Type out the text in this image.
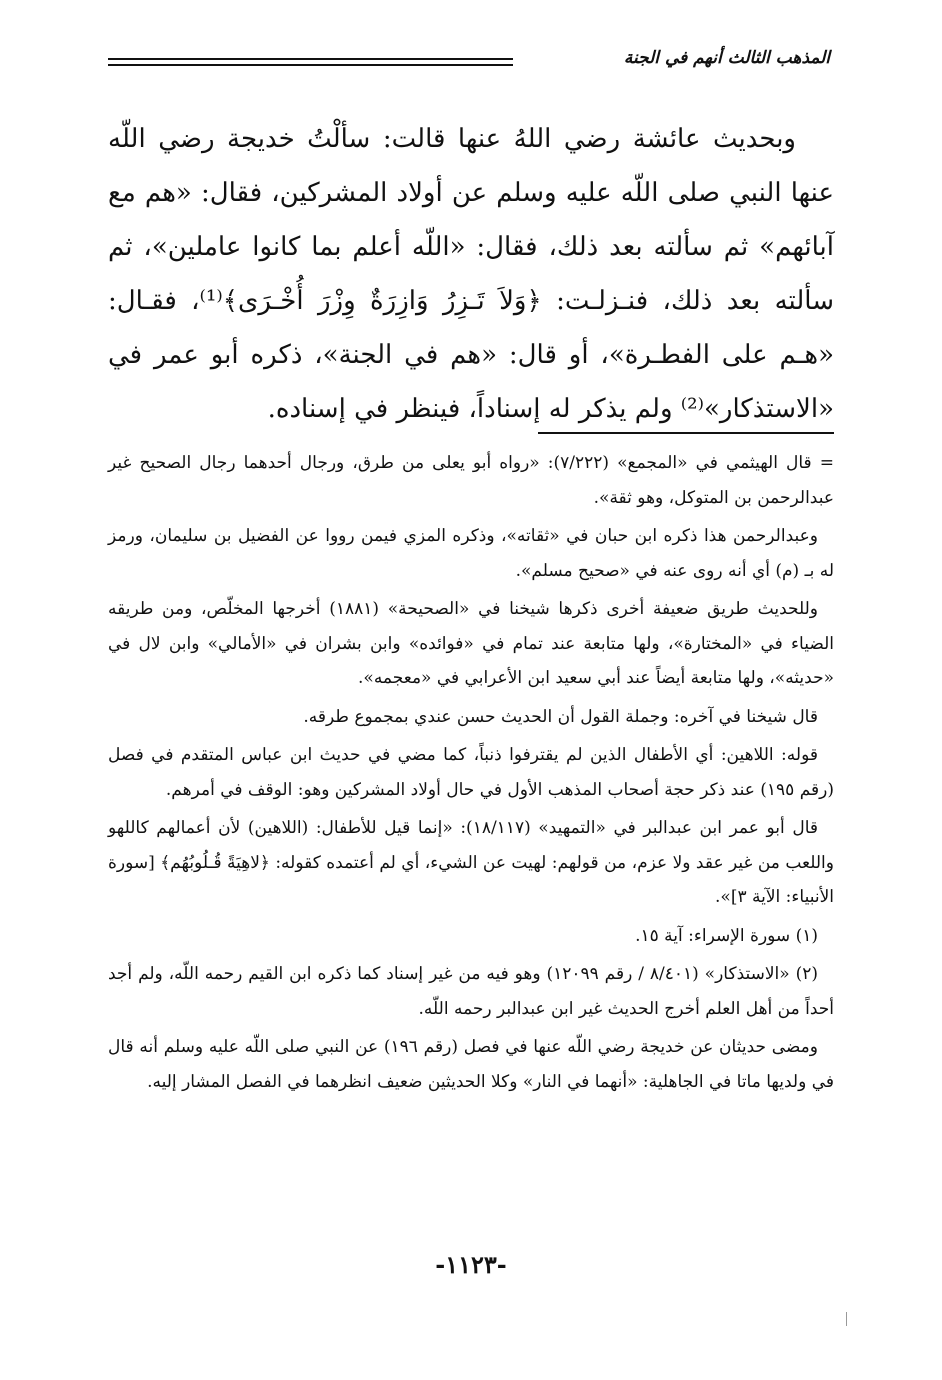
المذهب الثالث أنهم في الجنة

وبحديث عائشة رضي اللهُ عنها قالت: سألْتُ خديجة رضي اللّه عنها النبي صلى اللّه عليه وسلم عن أولاد المشركين، فقال: «هم مع آبائهم» ثم سألته بعد ذلك، فقال: «اللّه أعلم بما كانوا عاملين»، ثم سألته بعد ذلك، فنـزلـت: ﴿وَلاَ تَـزِرُ وَازِرَةٌ وِزْرَ أُخْـرَى﴾⁽¹⁾، فقـال: «هـم على الفطـرة»، أو قال: «هم في الجنة»، ذكره أبو عمر في «الاستذكار»⁽²⁾ ولم يذكر له إسناداً، فينظر في إسناده.

= قال الهيثمي في «المجمع» (٧/٢٢٢): «رواه أبو يعلى من طرق، ورجال أحدهما رجال الصحيح غير عبدالرحمن بن المتوكل، وهو ثقة».

وعبدالرحمن هذا ذكره ابن حبان في «ثقاته»، وذكره المزي فيمن رووا عن الفضيل بن سليمان، ورمز له بـ (م) أي أنه روى عنه في «صحيح مسلم».

وللحديث طريق ضعيفة أخرى ذكرها شيخنا في «الصحيحة» (١٨٨١) أخرجها المخلّص، ومن طريقه الضياء في «المختارة»، ولها متابعة عند تمام في «فوائده» وابن بشران في «الأمالي» وابن لال في «حديثه»، ولها متابعة أيضاً عند أبي سعيد ابن الأعرابي في «معجمه».

قال شيخنا في آخره: وجملة القول أن الحديث حسن عندي بمجموع طرقه.

قوله: اللاهين: أي الأطفال الذين لم يقترفوا ذنباً، كما مضي في حديث ابن عباس المتقدم في فصل (رقم ١٩٥) عند ذكر حجة أصحاب المذهب الأول في حال أولاد المشركين وهو: الوقف في أمرهم.

قال أبو عمر ابن عبدالبر في «التمهيد» (١٨/١١٧): «إنما قيل للأطفال: (اللاهين) لأن أعمالهم كاللهو واللعب من غير عقد ولا عزم، من قولهم: لهيت عن الشيء، أي لم أعتمده كقوله: ﴿لاهِيَةً قُـلُوبُهُم﴾ [سورة الأنبياء: الآية ٣]».

(١) سورة الإسراء: آية ١٥.

(٢) «الاستذكار» (٨/٤٠١ / رقم ١٢٠٩٩) وهو فيه من غير إسناد كما ذكره ابن القيم رحمه اللّه، ولم أجد أحداً من أهل العلم أخرج الحديث غير ابن عبدالبر رحمه اللّه.

ومضى حديثان عن خديجة رضي اللّه عنها في فصل (رقم ١٩٦) عن النبي صلى اللّه عليه وسلم أنه قال في ولديها ماتا في الجاهلية: «أنهما في النار» وكلا الحديثين ضعيف انظرهما في الفصل المشار إليه.

-١١٢٣-
